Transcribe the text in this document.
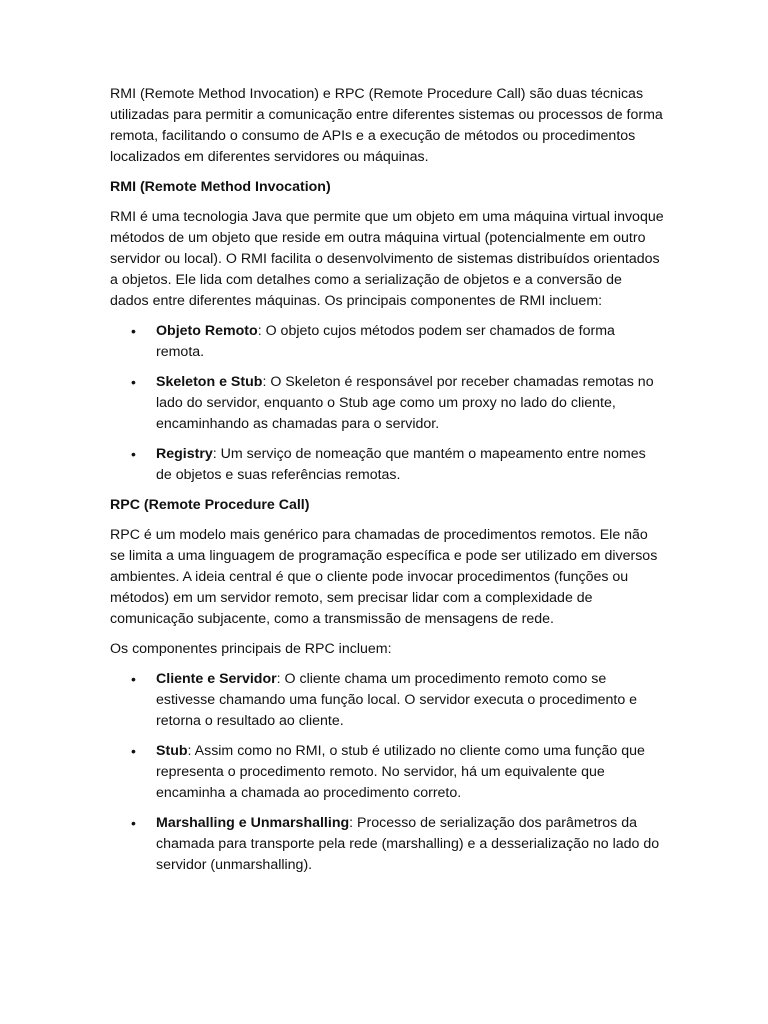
RMI (Remote Method Invocation) e RPC (Remote Procedure Call) são duas técnicas utilizadas para permitir a comunicação entre diferentes sistemas ou processos de forma remota, facilitando o consumo de APIs e a execução de métodos ou procedimentos localizados em diferentes servidores ou máquinas.

RMI (Remote Method Invocation)

RMI é uma tecnologia Java que permite que um objeto em uma máquina virtual invoque métodos de um objeto que reside em outra máquina virtual (potencialmente em outro servidor ou local). O RMI facilita o desenvolvimento de sistemas distribuídos orientados a objetos. Ele lida com detalhes como a serialização de objetos e a conversão de dados entre diferentes máquinas. Os principais componentes de RMI incluem:

• Objeto Remoto: O objeto cujos métodos podem ser chamados de forma remota.
• Skeleton e Stub: O Skeleton é responsável por receber chamadas remotas no lado do servidor, enquanto o Stub age como um proxy no lado do cliente, encaminhando as chamadas para o servidor.
• Registry: Um serviço de nomeação que mantém o mapeamento entre nomes de objetos e suas referências remotas.

RPC (Remote Procedure Call)

RPC é um modelo mais genérico para chamadas de procedimentos remotos. Ele não se limita a uma linguagem de programação específica e pode ser utilizado em diversos ambientes. A ideia central é que o cliente pode invocar procedimentos (funções ou métodos) em um servidor remoto, sem precisar lidar com a complexidade de comunicação subjacente, como a transmissão de mensagens de rede.

Os componentes principais de RPC incluem:

• Cliente e Servidor: O cliente chama um procedimento remoto como se estivesse chamando uma função local. O servidor executa o procedimento e retorna o resultado ao cliente.
• Stub: Assim como no RMI, o stub é utilizado no cliente como uma função que representa o procedimento remoto. No servidor, há um equivalente que encaminha a chamada ao procedimento correto.
• Marshalling e Unmarshalling: Processo de serialização dos parâmetros da chamada para transporte pela rede (marshalling) e a desserialização no lado do servidor (unmarshalling).
